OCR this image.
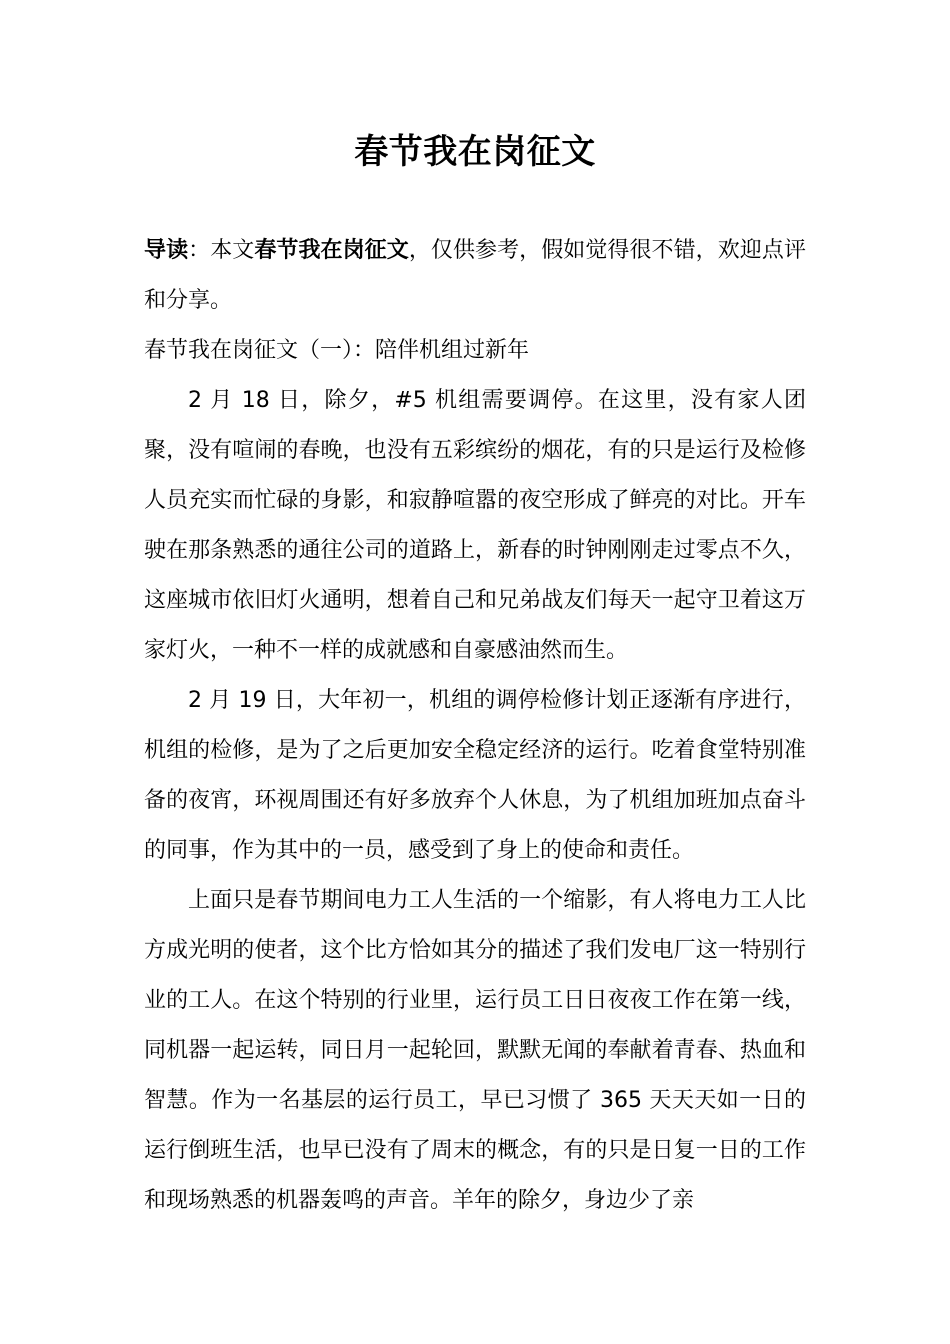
春节我在岗征文

导读：本文春节我在岗征文，仅供参考，假如觉得很不错，欢迎点评和分享。

春节我在岗征文（一）：陪伴机组过新年

2 月 18 日，除夕，#5 机组需要调停。在这里，没有家人团聚，没有喧闹的春晚，也没有五彩缤纷的烟花，有的只是运行及检修人员充实而忙碌的身影，和寂静喧嚣的夜空形成了鲜亮的对比。开车驶在那条熟悉的通往公司的道路上，新春的时钟刚刚走过零点不久，这座城市依旧灯火通明，想着自己和兄弟战友们每天一起守卫着这万家灯火，一种不一样的成就感和自豪感油然而生。

2 月 19 日，大年初一，机组的调停检修计划正逐渐有序进行，机组的检修，是为了之后更加安全稳定经济的运行。吃着食堂特别准备的夜宵，环视周围还有好多放弃个人休息，为了机组加班加点奋斗的同事，作为其中的一员，感受到了身上的使命和责任。

上面只是春节期间电力工人生活的一个缩影，有人将电力工人比方成光明的使者，这个比方恰如其分的描述了我们发电厂这一特别行业的工人。在这个特别的行业里，运行员工日日夜夜工作在第一线，同机器一起运转，同日月一起轮回，默默无闻的奉献着青春、热血和智慧。作为一名基层的运行员工，早已习惯了 365 天天天如一日的运行倒班生活，也早已没有了周末的概念，有的只是日复一日的工作和现场熟悉的机器轰鸣的声音。羊年的除夕，身边少了亲
